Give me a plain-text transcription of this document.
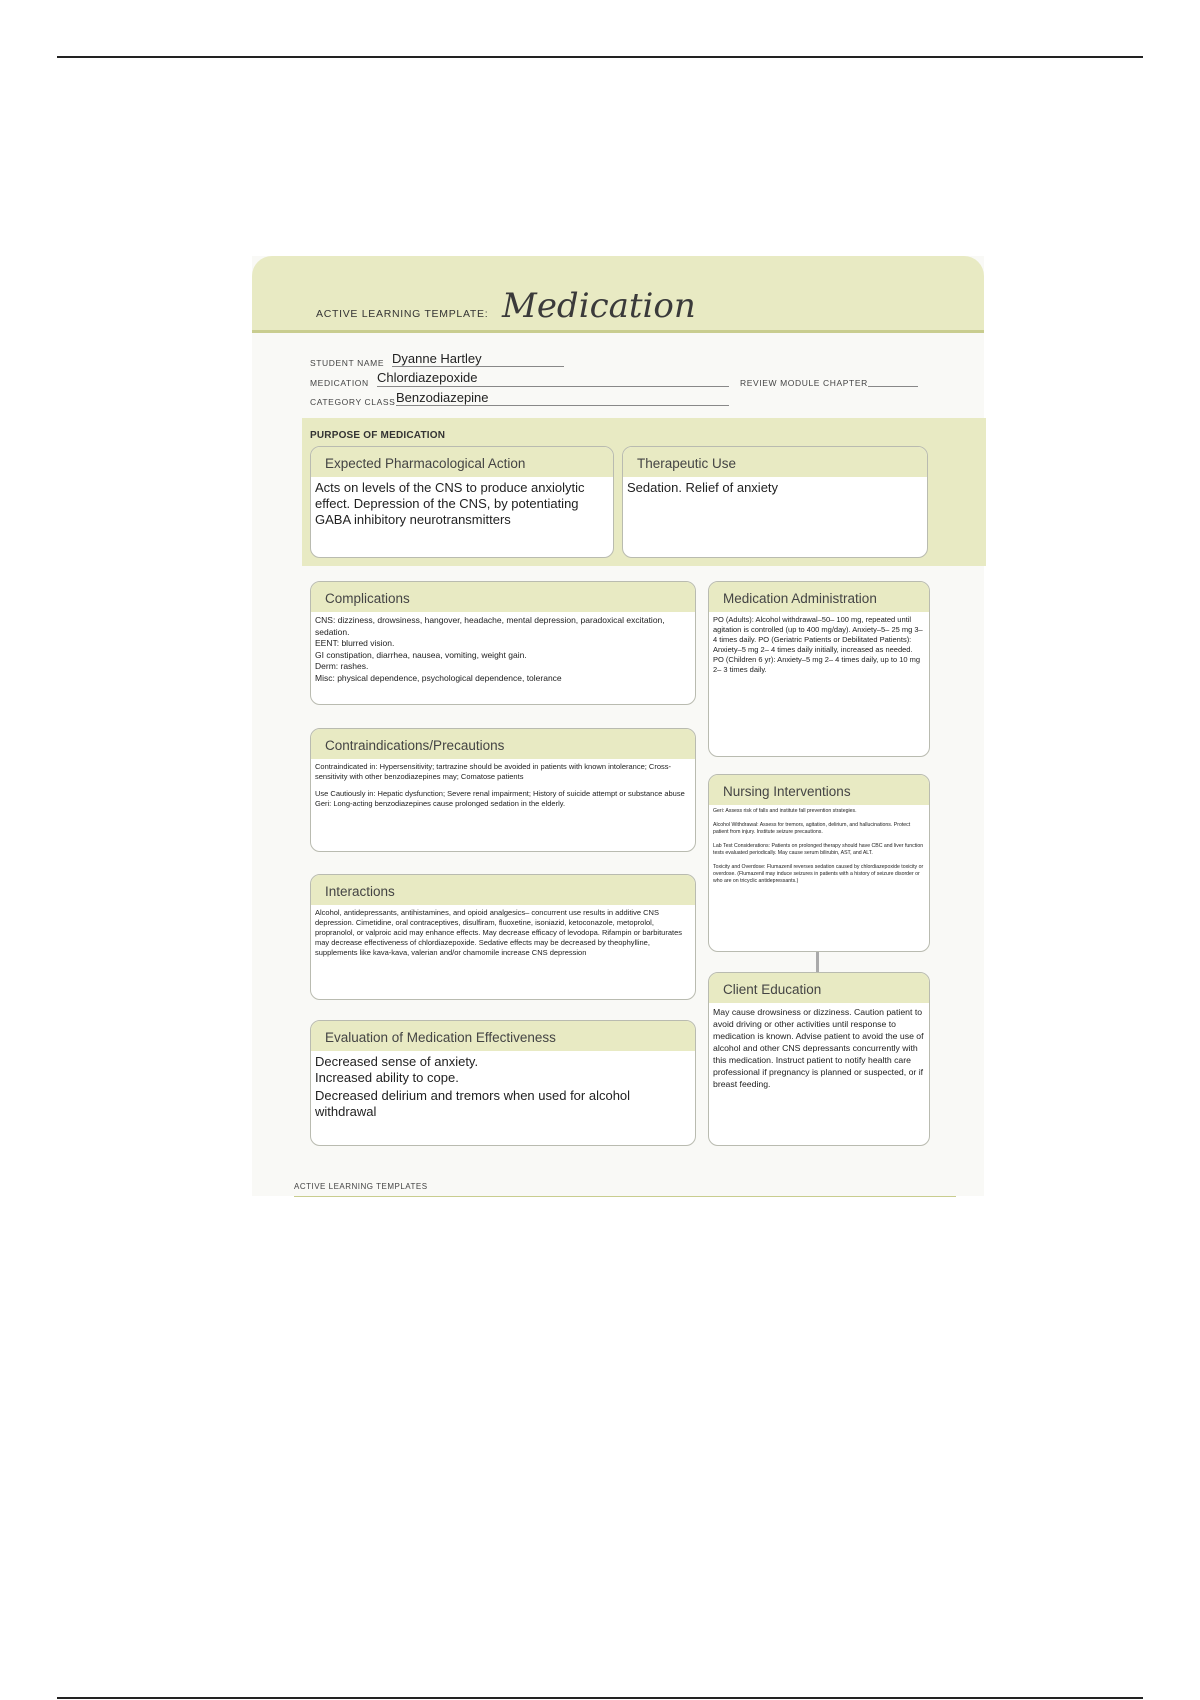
ACTIVE LEARNING TEMPLATE: Medication
STUDENT NAME Dyanne Hartley
MEDICATION Chlordiazepoxide	REVIEW MODULE CHAPTER
CATEGORY CLASS Benzodiazepine
PURPOSE OF MEDICATION
Expected Pharmacological Action
Acts on levels of the CNS to produce anxiolytic effect. Depression of the CNS, by potentiating GABA inhibitory neurotransmitters
Therapeutic Use
Sedation. Relief of anxiety
Complications
CNS: dizziness, drowsiness, hangover, headache, mental depression, paradoxical excitation, sedation.
EENT: blurred vision.
GI constipation, diarrhea, nausea, vomiting, weight gain.
Derm: rashes.
Misc: physical dependence, psychological dependence, tolerance
Contraindications/Precautions

Contraindicated in: Hypersensitivity; tartrazine should be avoided in patients with known intolerance; Cross-sensitivity with other benzodiazepines may; Comatose patients

Use Cautiously in: Hepatic dysfunction; Severe renal impairment; History of suicide attempt or substance abuse
Geri: Long-acting benzodiazepines cause prolonged sedation in the elderly.

Interactions
Alcohol, antidepressants, antihistamines, and opioid analgesics– concurrent use results in additive CNS depression. Cimetidine, oral contraceptives, disulfiram, fluoxetine, isoniazid, ketoconazole, metoprolol, propranolol, or valproic acid may enhance effects. May decrease efficacy of levodopa. Rifampin or barbiturates may decrease effectiveness of chlordiazepoxide. Sedative effects may be decreased by theophylline, supplements like kava-kava, valerian and/or chamomile increase CNS depression
Evaluation of Medication Effectiveness
Decreased sense of anxiety.
Increased ability to cope.
Decreased delirium and tremors when used for alcohol withdrawal
Medication Administration
PO (Adults): Alcohol withdrawal–50– 100 mg, repeated until agitation is controlled (up to 400 mg/day). Anxiety–5– 25 mg 3– 4 times daily. PO (Geriatric Patients or Debilitated Patients): Anxiety–5 mg 2– 4 times daily initially, increased as needed. PO (Children 6 yr): Anxiety–5 mg 2– 4 times daily, up to 10 mg 2– 3 times daily.
Nursing Interventions

Geri: Assess risk of falls and institute fall prevention strategies.

Alcohol Withdrawal: Assess for tremors, agitation, delirium, and hallucinations. Protect patient from injury. Institute seizure precautions.

Lab Test Considerations: Patients on prolonged therapy should have CBC and liver function tests evaluated periodically. May cause serum bilirubin, AST, and ALT.

Toxicity and Overdose: Flumazenil reverses sedation caused by chlordiazepoxide toxicity or overdose. (Flumazenil may induce seizures in patients with a history of seizure disorder or who are on tricyclic antidepressants.)

Client Education
May cause drowsiness or dizziness. Caution patient to avoid driving or other activities until response to medication is known. Advise patient to avoid the use of alcohol and other CNS depressants concurrently with this medication. Instruct patient to notify health care professional if pregnancy is planned or suspected, or if breast feeding.
ACTIVE LEARNING TEMPLATES
